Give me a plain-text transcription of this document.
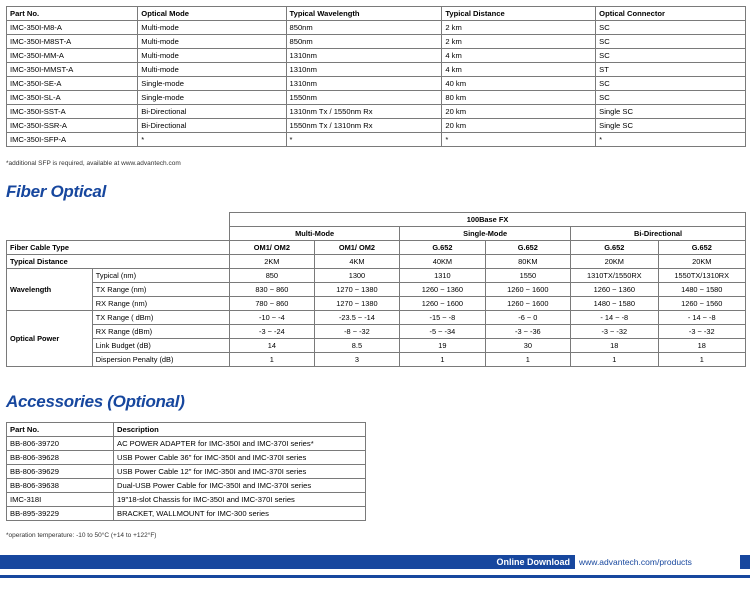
Part No.	Optical Mode	Typical Wavelength	Typical Distance	Optical Connector
IMC-350I-M8-A	Multi-mode	850nm	2 km	SC
IMC-350I-M8ST-A	Multi-mode	850nm	2 km	SC
IMC-350I-MM-A	Multi-mode	1310nm	4 km	SC
IMC-350I-MMST-A	Multi-mode	1310nm	4 km	ST
IMC-350I-SE-A	Single-mode	1310nm	40 km	SC
IMC-350I-SL-A	Single-mode	1550nm	80 km	SC
IMC-350I-SST-A	Bi-Directional	1310nm Tx / 1550nm Rx	20 km	Single SC
IMC-350I-SSR-A	Bi-Directional	1550nm Tx / 1310nm Rx	20 km	Single SC
IMC-350I-SFP-A	*	*	*	*
*additional SFP is required, available at www.advantech.com
Fiber Optical
		100Base FX					
		Multi-Mode		Single-Mode		Bi-Directional	
Fiber Cable Type		OM1/ OM2	OM1/ OM2	G.652	G.652	G.652	G.652
Typical Distance		2KM	4KM	40KM	80KM	20KM	20KM
Wavelength	Typical (nm)	850	1300	1310	1550	1310TX/1550RX	1550TX/1310RX
	TX Range (nm)	830 ~ 860	1270 ~ 1380	1260 ~ 1360	1260 ~ 1600	1260 ~ 1360	1480 ~ 1580
	RX Range (nm)	780 ~ 860	1270 ~ 1380	1260 ~ 1600	1260 ~ 1600	1480 ~ 1580	1260 ~ 1560
Optical Power	TX Range ( dBm)	-10 ~ -4	-23.5 ~ -14	-15 ~ -8	-6 ~ 0	- 14 ~ -8	- 14 ~ -8
	RX Range (dBm)	-3 ~ -24	-8 ~ -32	-5 ~ -34	-3 ~ -36	-3 ~ -32	-3 ~ -32
	Link Budget (dB)	14	8.5	19	30	18	18
	Dispersion Penalty (dB)	1	3	1	1	1	1
Accessories (Optional)
Part No.	Description
BB-806-39720	AC POWER ADAPTER for IMC-350I and IMC-370I series*
BB-806-39628	USB Power Cable 36" for IMC-350I and IMC-370I series
BB-806-39629	USB Power Cable 12" for IMC-350I and IMC-370I series
BB-806-39638	Dual-USB Power Cable for IMC-350I and IMC-370I series
IMC-318I	19"18-slot Chassis for IMC-350I and IMC-370I series
BB-895-39229	BRACKET, WALLMOUNT for IMC-300 series
*operation temperature: -10 to 50°C (+14 to +122°F)
Online Download	www.advantech.com/products
